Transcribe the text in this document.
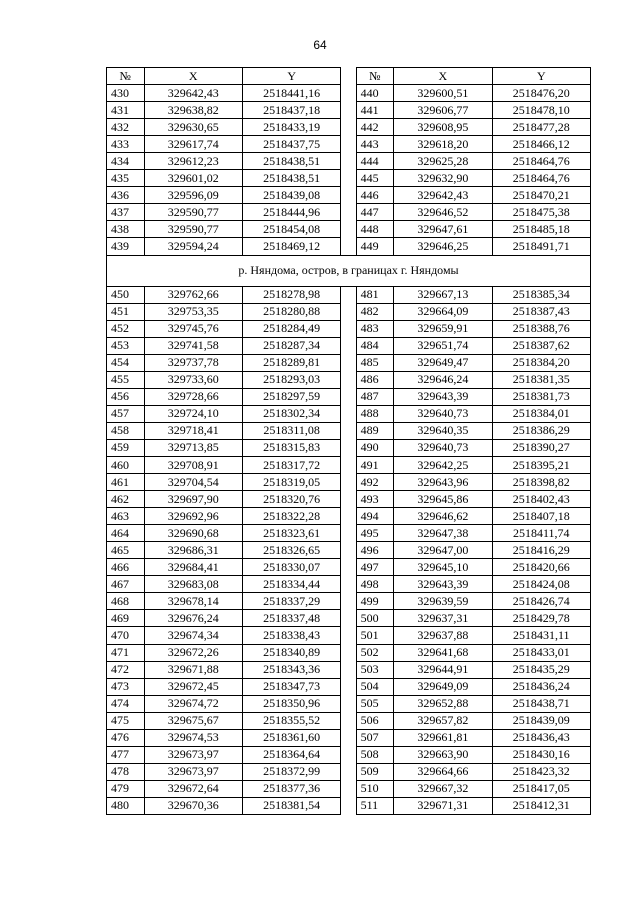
64
№	X	Y		№	X	Y
430	329642,43	2518441,16		440	329600,51	2518476,20
431	329638,82	2518437,18		441	329606,77	2518478,10
432	329630,65	2518433,19		442	329608,95	2518477,28
433	329617,74	2518437,75		443	329618,20	2518466,12
434	329612,23	2518438,51		444	329625,28	2518464,76
435	329601,02	2518438,51		445	329632,90	2518464,76
436	329596,09	2518439,08		446	329642,43	2518470,21
437	329590,77	2518444,96		447	329646,52	2518475,38
438	329590,77	2518454,08		448	329647,61	2518485,18
439	329594,24	2518469,12		449	329646,25	2518491,71
р. Няндома, остров, в границах г. Няндомы						
450	329762,66	2518278,98		481	329667,13	2518385,34
451	329753,35	2518280,88		482	329664,09	2518387,43
452	329745,76	2518284,49		483	329659,91	2518388,76
453	329741,58	2518287,34		484	329651,74	2518387,62
454	329737,78	2518289,81		485	329649,47	2518384,20
455	329733,60	2518293,03		486	329646,24	2518381,35
456	329728,66	2518297,59		487	329643,39	2518381,73
457	329724,10	2518302,34		488	329640,73	2518384,01
458	329718,41	2518311,08		489	329640,35	2518386,29
459	329713,85	2518315,83		490	329640,73	2518390,27
460	329708,91	2518317,72		491	329642,25	2518395,21
461	329704,54	2518319,05		492	329643,96	2518398,82
462	329697,90	2518320,76		493	329645,86	2518402,43
463	329692,96	2518322,28		494	329646,62	2518407,18
464	329690,68	2518323,61		495	329647,38	2518411,74
465	329686,31	2518326,65		496	329647,00	2518416,29
466	329684,41	2518330,07		497	329645,10	2518420,66
467	329683,08	2518334,44		498	329643,39	2518424,08
468	329678,14	2518337,29		499	329639,59	2518426,74
469	329676,24	2518337,48		500	329637,31	2518429,78
470	329674,34	2518338,43		501	329637,88	2518431,11
471	329672,26	2518340,89		502	329641,68	2518433,01
472	329671,88	2518343,36		503	329644,91	2518435,29
473	329672,45	2518347,73		504	329649,09	2518436,24
474	329674,72	2518350,96		505	329652,88	2518438,71
475	329675,67	2518355,52		506	329657,82	2518439,09
476	329674,53	2518361,60		507	329661,81	2518436,43
477	329673,97	2518364,64		508	329663,90	2518430,16
478	329673,97	2518372,99		509	329664,66	2518423,32
479	329672,64	2518377,36		510	329667,32	2518417,05
480	329670,36	2518381,54		511	329671,31	2518412,31
